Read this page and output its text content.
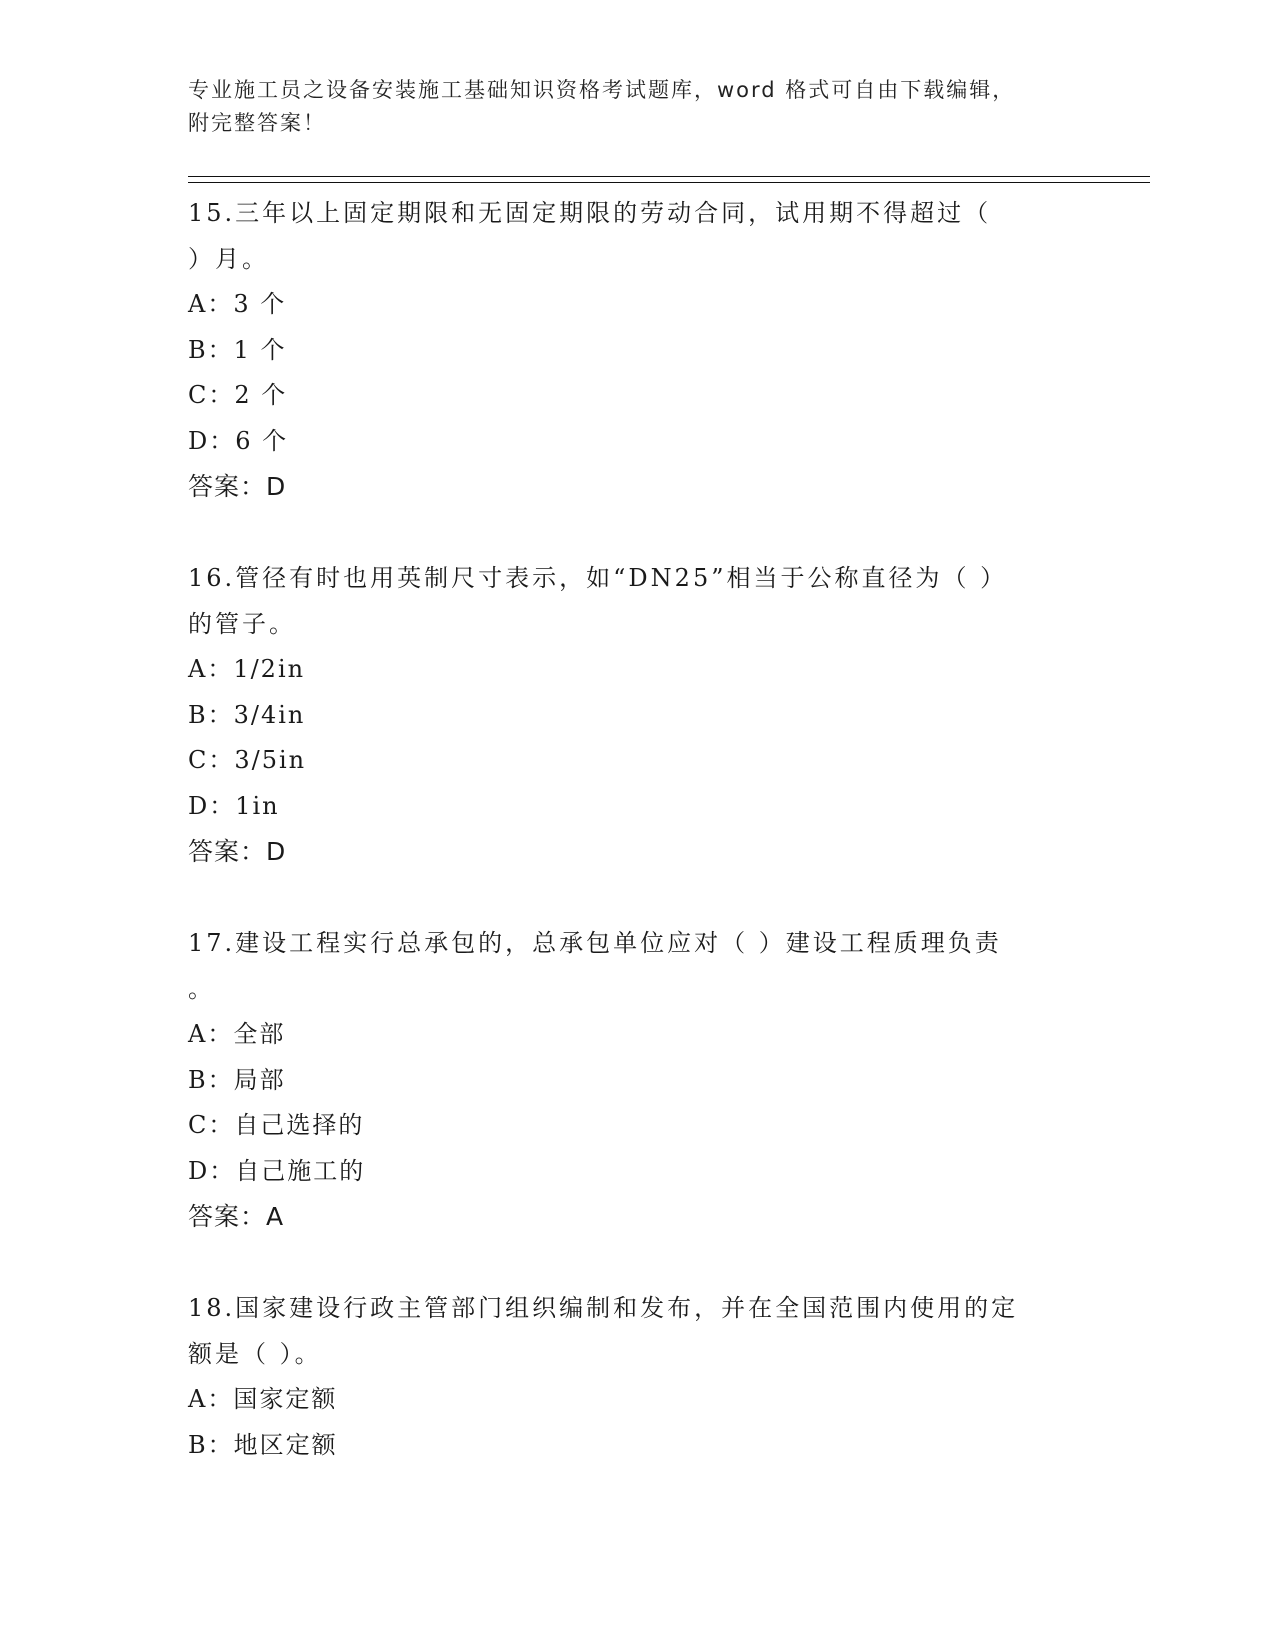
专业施工员之设备安装施工基础知识资格考试题库，word 格式可自由下载编辑，

附完整答案！

15.三年以上固定期限和无固定期限的劳动合同，试用期不得超过（

）月。

A：3 个

B：1 个

C：2 个

D：6 个

答案：D

16.管径有时也用英制尺寸表示，如“DN25”相当于公称直径为（ ）

的管子。

A：1/2in

B：3/4in

C：3/5in

D：1in

答案：D

17.建设工程实行总承包的，总承包单位应对（ ）建设工程质理负责

。

A：全部

B：局部

C：自己选择的

D：自己施工的

答案：A

18.国家建设行政主管部门组织编制和发布，并在全国范围内使用的定

额是（ ）。

A：国家定额

B：地区定额
